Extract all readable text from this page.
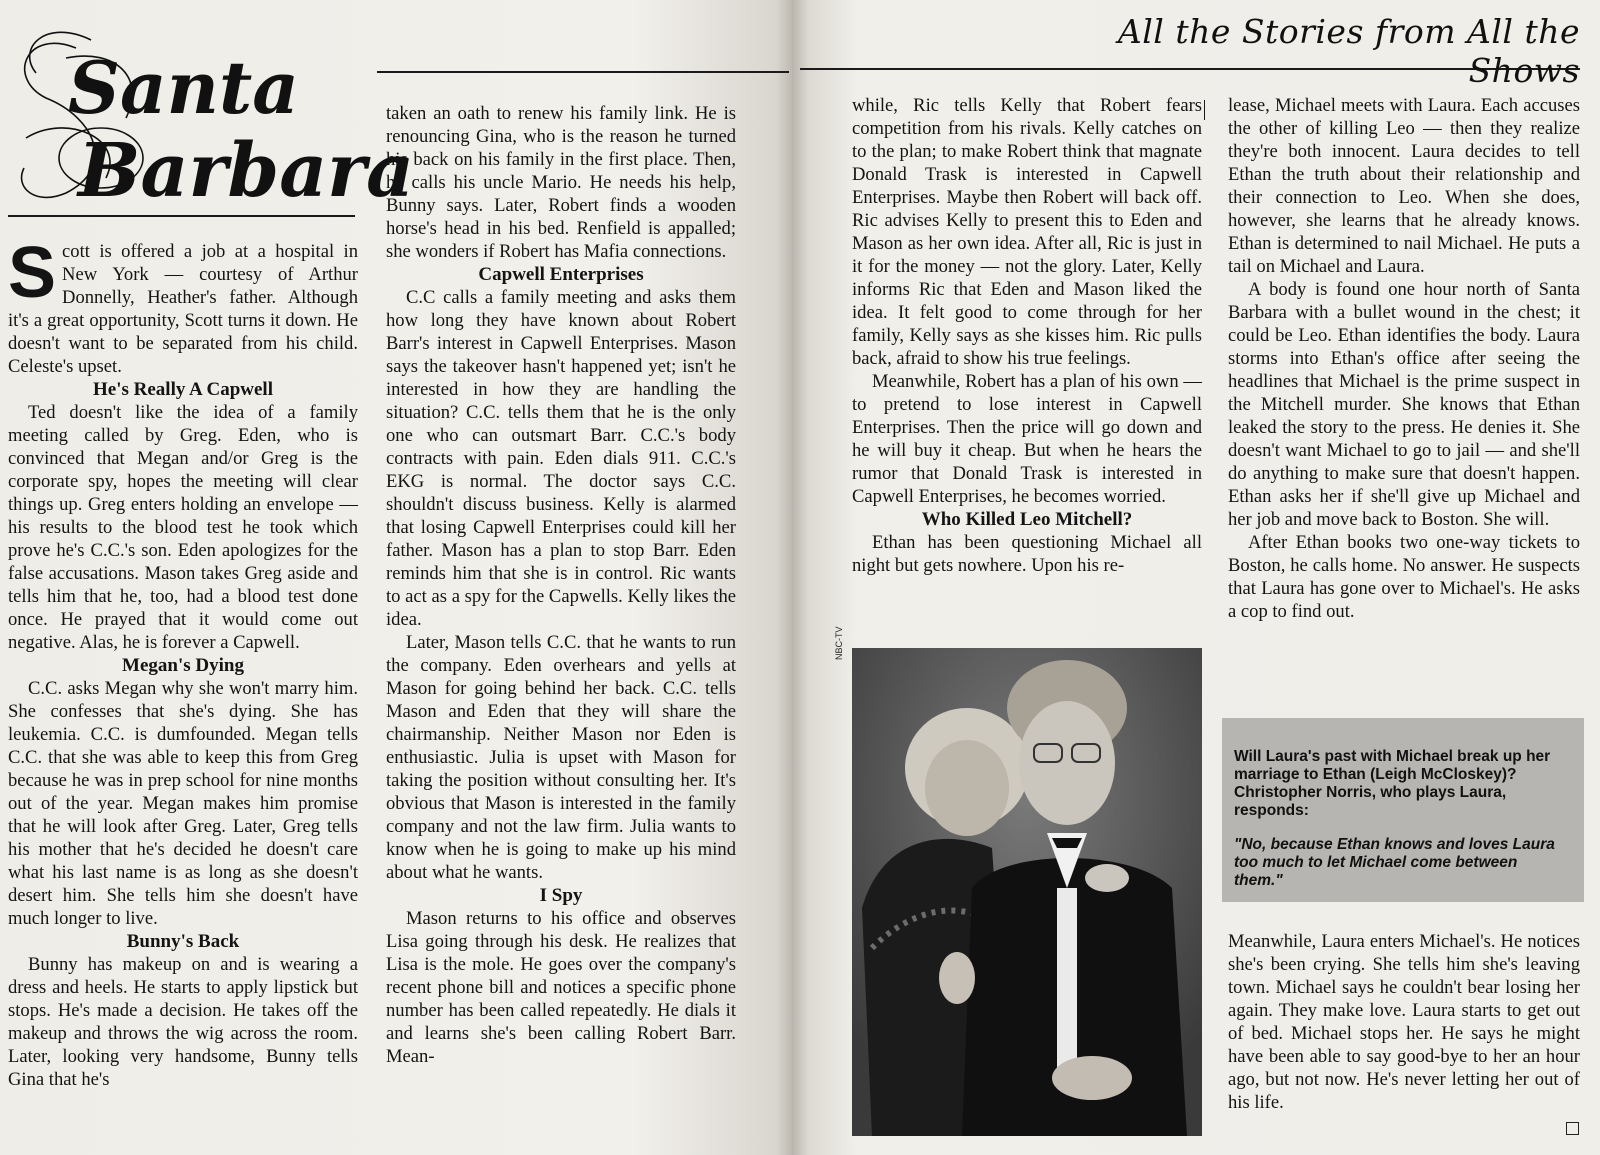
Santa
Barbara
All the Stories from All the Shows

Scott is offered a job at a hospital in New York — courtesy of Arthur Donnelly, Heather's father. Although it's a great opportunity, Scott turns it down. He doesn't want to be separated from his child. Celeste's upset.

He's Really A Capwell

Ted doesn't like the idea of a family meeting called by Greg. Eden, who is convinced that Megan and/or Greg is the corporate spy, hopes the meeting will clear things up. Greg enters holding an envelope — his results to the blood test he took which prove he's C.C.'s son. Eden apologizes for the false accusations. Mason takes Greg aside and tells him that he, too, had a blood test done once. He prayed that it would come out negative. Alas, he is forever a Capwell.

Megan's Dying

C.C. asks Megan why she won't marry him. She confesses that she's dying. She has leukemia. C.C. is dumfounded. Megan tells C.C. that she was able to keep this from Greg because he was in prep school for nine months out of the year. Megan makes him promise that he will look after Greg. Later, Greg tells his mother that he's decided he doesn't care what his last name is as long as she doesn't desert him. She tells him she doesn't have much longer to live.

Bunny's Back

Bunny has makeup on and is wearing a dress and heels. He starts to apply lipstick but stops. He's made a decision. He takes off the makeup and throws the wig across the room. Later, looking very handsome, Bunny tells Gina that he's

taken an oath to renew his family link. He is renouncing Gina, who is the reason he turned his back on his family in the first place. Then, he calls his uncle Mario. He needs his help, Bunny says. Later, Robert finds a wooden horse's head in his bed. Renfield is appalled; she wonders if Robert has Mafia connections.

Capwell Enterprises

C.C calls a family meeting and asks them how long they have known about Robert Barr's interest in Capwell Enterprises. Mason says the takeover hasn't happened yet; isn't he interested in how they are handling the situation? C.C. tells them that he is the only one who can outsmart Barr. C.C.'s body contracts with pain. Eden dials 911. C.C.'s EKG is normal. The doctor says C.C. shouldn't discuss business. Kelly is alarmed that losing Capwell Enterprises could kill her father. Mason has a plan to stop Barr. Eden reminds him that she is in control. Ric wants to act as a spy for the Capwells. Kelly likes the idea.

Later, Mason tells C.C. that he wants to run the company. Eden overhears and yells at Mason for going behind her back. C.C. tells Mason and Eden that they will share the chairmanship. Neither Mason nor Eden is enthusiastic. Julia is upset with Mason for taking the position without consulting her. It's obvious that Mason is interested in the family company and not the law firm. Julia wants to know when he is going to make up his mind about what he wants.

I Spy

Mason returns to his office and observes Lisa going through his desk. He realizes that Lisa is the mole. He goes over the company's recent phone bill and notices a specific phone number has been called repeatedly. He dials it and learns she's been calling Robert Barr. Mean-

while, Ric tells Kelly that Robert fears competition from his rivals. Kelly catches on to the plan; to make Robert think that magnate Donald Trask is interested in Capwell Enterprises. Maybe then Robert will back off. Ric advises Kelly to present this to Eden and Mason as her own idea. After all, Ric is just in it for the money — not the glory. Later, Kelly informs Ric that Eden and Mason liked the idea. It felt good to come through for her family, Kelly says as she kisses him. Ric pulls back, afraid to show his true feelings.

Meanwhile, Robert has a plan of his own — to pretend to lose interest in Capwell Enterprises. Then the price will go down and he will buy it cheap. But when he hears the rumor that Donald Trask is interested in Capwell Enterprises, he becomes worried.

Who Killed Leo Mitchell?

Ethan has been questioning Michael all night but gets nowhere. Upon his re-

NBC-TV

lease, Michael meets with Laura. Each accuses the other of killing Leo — then they realize they're both innocent. Laura decides to tell Ethan the truth about their relationship and their connection to Leo. When she does, however, she learns that he already knows. Ethan is determined to nail Michael. He puts a tail on Michael and Laura.

A body is found one hour north of Santa Barbara with a bullet wound in the chest; it could be Leo. Ethan identifies the body. Laura storms into Ethan's office after seeing the headlines that Michael is the prime suspect in the Mitchell murder. She knows that Ethan leaked the story to the press. He denies it. She doesn't want Michael to go to jail — and she'll do anything to make sure that doesn't happen. Ethan asks her if she'll give up Michael and her job and move back to Boston. She will.

After Ethan books two one-way tickets to Boston, he calls home. No answer. He suspects that Laura has gone over to Michael's. He asks a cop to find out.

Will Laura's past with Michael break up her marriage to Ethan (Leigh McCloskey)? Christopher Norris, who plays Laura, responds:

"No, because Ethan knows and loves Laura too much to let Michael come between them."

Meanwhile, Laura enters Michael's. He notices she's been crying. She tells him she's leaving town. Michael says he couldn't bear losing her again. They make love. Laura starts to get out of bed. Michael stops her. He says he might have been able to say good-bye to her an hour ago, but not now. He's never letting her out of his life.
